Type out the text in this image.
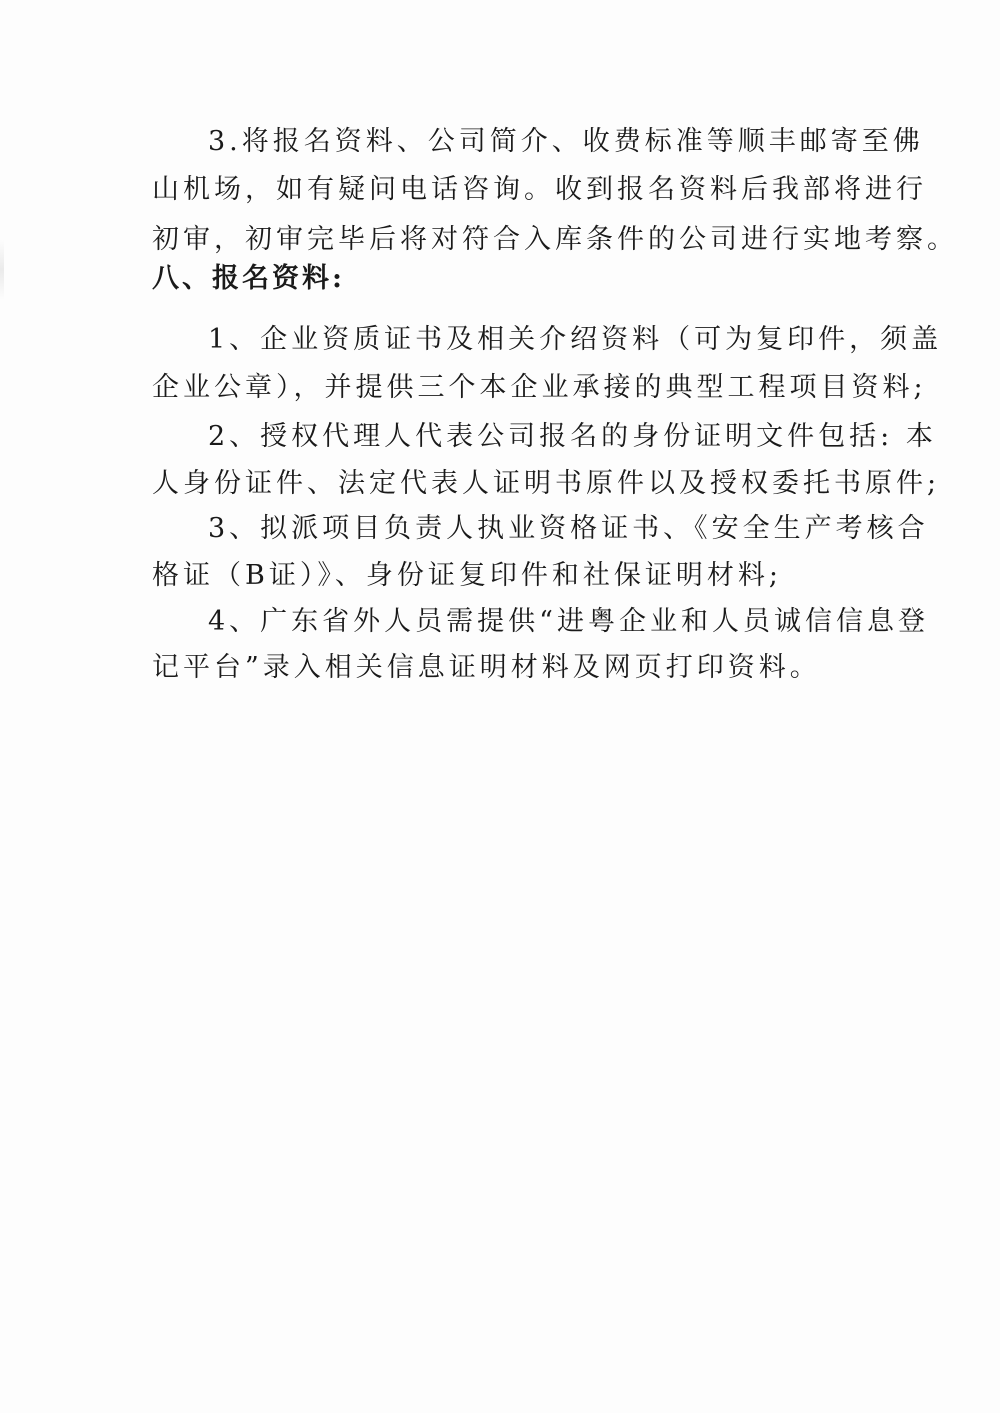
3.将报名资料、公司简介、收费标准等顺丰邮寄至佛
山机场，如有疑问电话咨询。收到报名资料后我部将进行
初审，初审完毕后将对符合入库条件的公司进行实地考察。
八、报名资料:
1、企业资质证书及相关介绍资料（可为复印件，须盖
企业公章），并提供三个本企业承接的典型工程项目资料;
2、授权代理人代表公司报名的身份证明文件包括: 本
人身份证件、法定代表人证明书原件以及授权委托书原件;
3、拟派项目负责人执业资格证书、《安全生产考核合
格证（B证）》、身份证复印件和社保证明材料;
4、广东省外人员需提供“进粤企业和人员诚信信息登
记平台”录入相关信息证明材料及网页打印资料。
